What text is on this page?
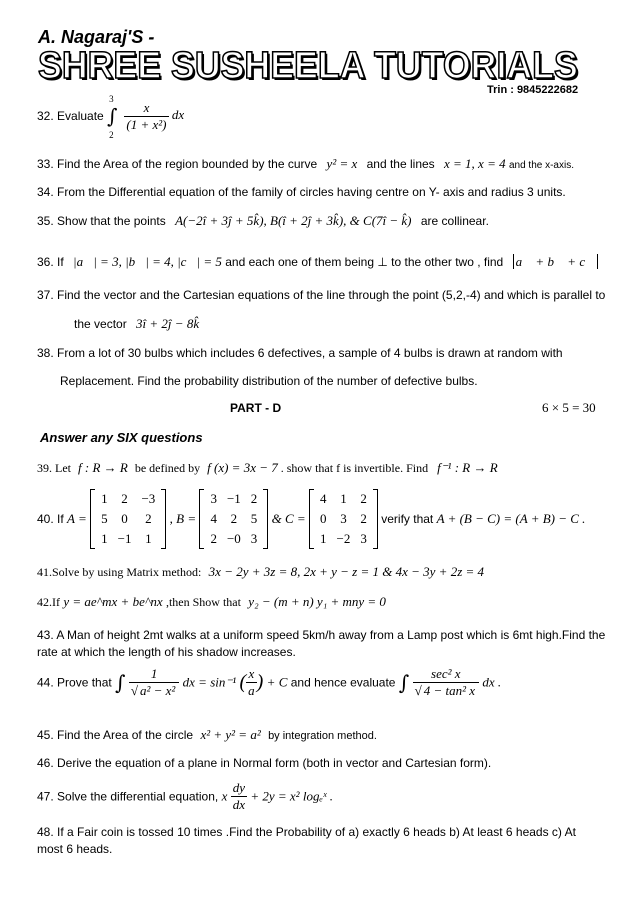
A. Nagaraj'S -
SHREE SUSHEELA TUTORIALS
Trin : 9845222682
32. Evaluate
3
∫
2

$\frac{x}{\text{(1 + x²)}}$ dx
33. Find the Area of the region bounded by the curve y² = x and the lines x = 1, x = 4 and the x-axis.
34. From the Differential equation of the family of circles having centre on Y- axis and radius 3 units.
35. Show that the points A(−2î + 3ĵ + 5k̂), B(î + 2ĵ + 3k̂), & C(7î − k̂) are collinear.
36. If |a⃗| = 3, |b⃗| = 4, |c⃗| = 5 and each one of them being ⊥ to the other two , find a⃗ + b⃗ + c⃗
37. Find the vector and the Cartesian equations of the line through the point (5,2,-4) and which is parallel to
the vector 3î + 2ĵ − 8k̂
38. From a lot of 30 bulbs which includes 6 defectives, a sample of 4 bulbs is drawn at random with
Replacement. Find the probability distribution of the number of defective bulbs.
PART - D	6 × 5 = 30
Answer any SIX questions
39. Let f : R → R be defined by f (x) = 3x − 7 . show that f is invertible. Find f⁻¹ : R → R
40. If A =
1	2	−3
5	0	2
1	−1	1
, B =
3	−1	2
4	2	5
2	−0	3
& C =
4	1	2
0	3	2
1	−2	3
verify that A + (B − C) = (A + B) − C .
41.Solve by using Matrix method: 3x − 2y + 3z = 8, 2x + y − z = 1 & 4x − 3y + 2z = 4
42.If y = ae^mx + be^nx ,then Show that y₂ − (m + n) y₁ + mny = 0
43. A Man of height 2mt walks at a uniform speed 5km/h away from a Lamp post which is 6mt high.Find the
rate at which the length of his shadow increases.
44. Prove that ∫ $\frac{1}{\text{√ a² − x²}}$ dx = sin⁻¹ ( $\frac{x}{a}$ ) + C and hence evaluate ∫ $\frac{\text{sec² x}}{\text{√ 4 − tan² x}}$ dx .
45. Find the Area of the circle x² + y² = a² by integration method.
46. Derive the equation of a plane in Normal form (both in vector and Cartesian form).
47. Solve the differential equation, x $\frac{dy}{dx} + 2y = x^2$ logₑˣ .
48. If a Fair coin is tossed 10 times .Find the Probability of a) exactly 6 heads b) At least 6 heads c) At
most 6 heads.
